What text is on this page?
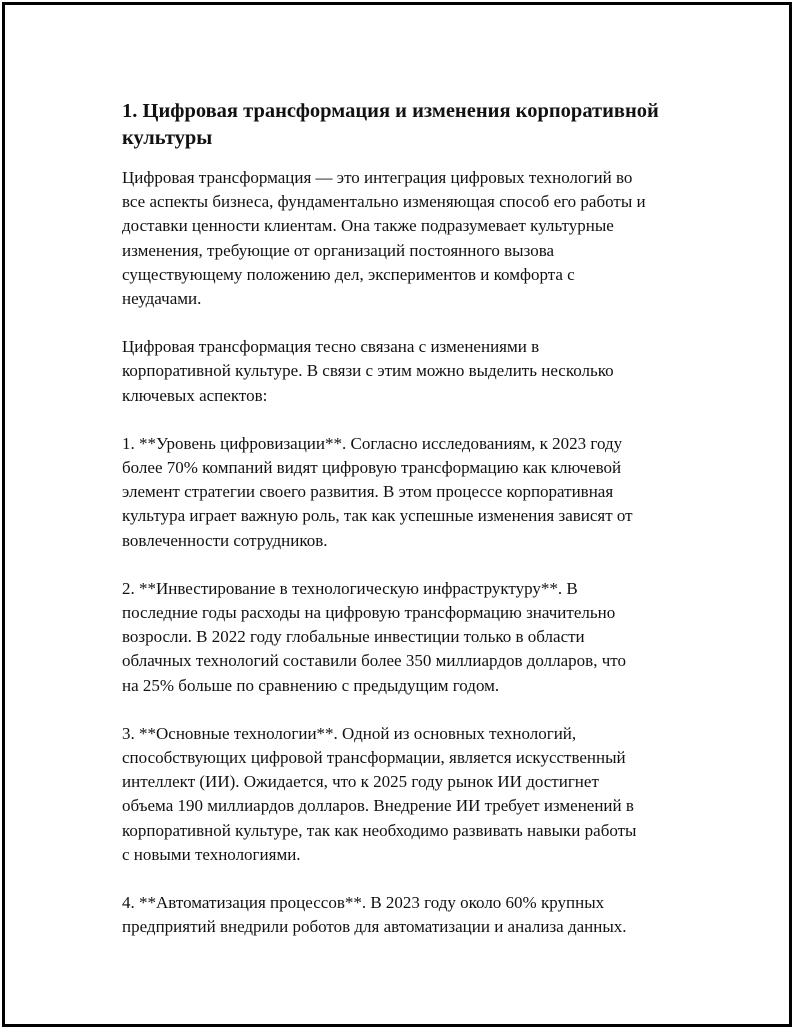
1. Цифровая трансформация и изменения корпоративной культуры

Цифровая трансформация — это интеграция цифровых технологий во
все аспекты бизнеса, фундаментально изменяющая способ его работы и
доставки ценности клиентам. Она также подразумевает культурные
изменения, требующие от организаций постоянного вызова
существующему положению дел, экспериментов и комфорта с
неудачами.

Цифровая трансформация тесно связана с изменениями в
корпоративной культуре. В связи с этим можно выделить несколько
ключевых аспектов:

1. **Уровень цифровизации**. Согласно исследованиям, к 2023 году
более 70% компаний видят цифровую трансформацию как ключевой
элемент стратегии своего развития. В этом процессе корпоративная
культура играет важную роль, так как успешные изменения зависят от
вовлеченности сотрудников.

2. **Инвестирование в технологическую инфраструктуру**. В
последние годы расходы на цифровую трансформацию значительно
возросли. В 2022 году глобальные инвестиции только в области
облачных технологий составили более 350 миллиардов долларов, что
на 25% больше по сравнению с предыдущим годом.

3. **Основные технологии**. Одной из основных технологий,
способствующих цифровой трансформации, является искусственный
интеллект (ИИ). Ожидается, что к 2025 году рынок ИИ достигнет
объема 190 миллиардов долларов. Внедрение ИИ требует изменений в
корпоративной культуре, так как необходимо развивать навыки работы
с новыми технологиями.

4. **Автоматизация процессов**. В 2023 году около 60% крупных
предприятий внедрили роботов для автоматизации и анализа данных.
